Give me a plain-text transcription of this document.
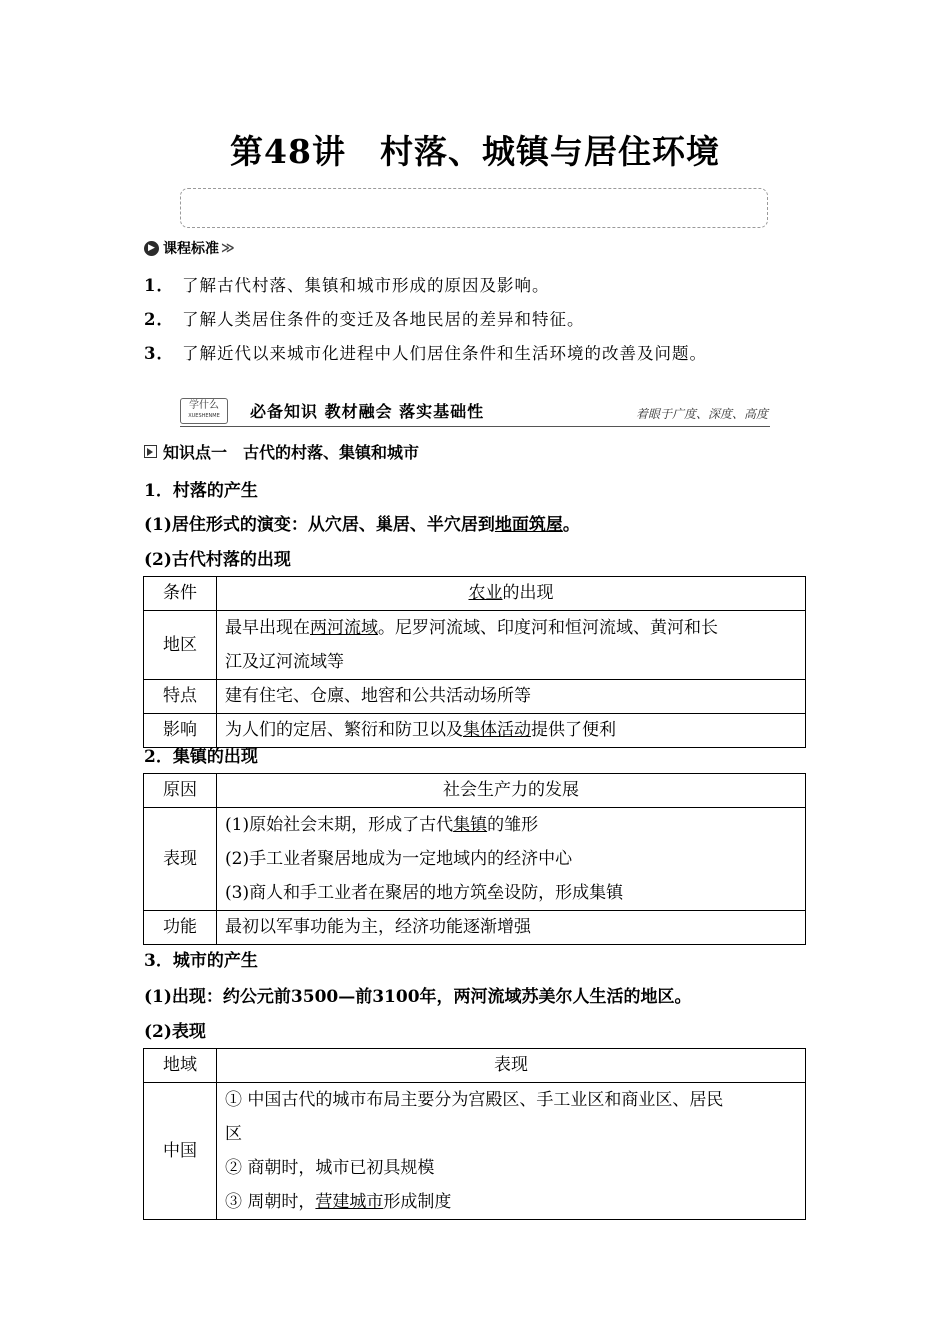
第48讲　村落、城镇与居住环境
▶ 课程标准 ≫
1． 了解古代村落、集镇和城市形成的原因及影响。
2． 了解人类居住条件的变迁及各地民居的差异和特征。
3． 了解近代以来城市化进程中人们居住条件和生活环境的改善及问题。
学什么
XUESHENME	必备知识 教材融会 落实基础性	着眼于广度、深度、高度
知识点一　古代的村落、集镇和城市
1．村落的产生
(1)居住形式的演变：从穴居、巢居、半穴居到地面筑屋。
(2)古代村落的出现
条件	农业的出现
地区	最早出现在两河流域。尼罗河流域、印度河和恒河流域、黄河和长
江及辽河流域等

特点	建有住宅、仓廪、地窖和公共活动场所等
影响	为人们的定居、繁衍和防卫以及集体活动提供了便利
2．集镇的出现
原因	社会生产力的发展
表现	(1)原始社会末期，形成了古代集镇的雏形
(2)手工业者聚居地成为一定地域内的经济中心
(3)商人和手工业者在聚居的地方筑垒设防，形成集镇

功能	最初以军事功能为主，经济功能逐渐增强
3．城市的产生
(1)出现：约公元前3500—前3100年，两河流域苏美尔人生活的地区。
(2)表现
地域	表现
中国	① 中国古代的城市布局主要分为宫殿区、手工业区和商业区、居民
区
② 商朝时，城市已初具规模
③ 周朝时，营建城市形成制度
